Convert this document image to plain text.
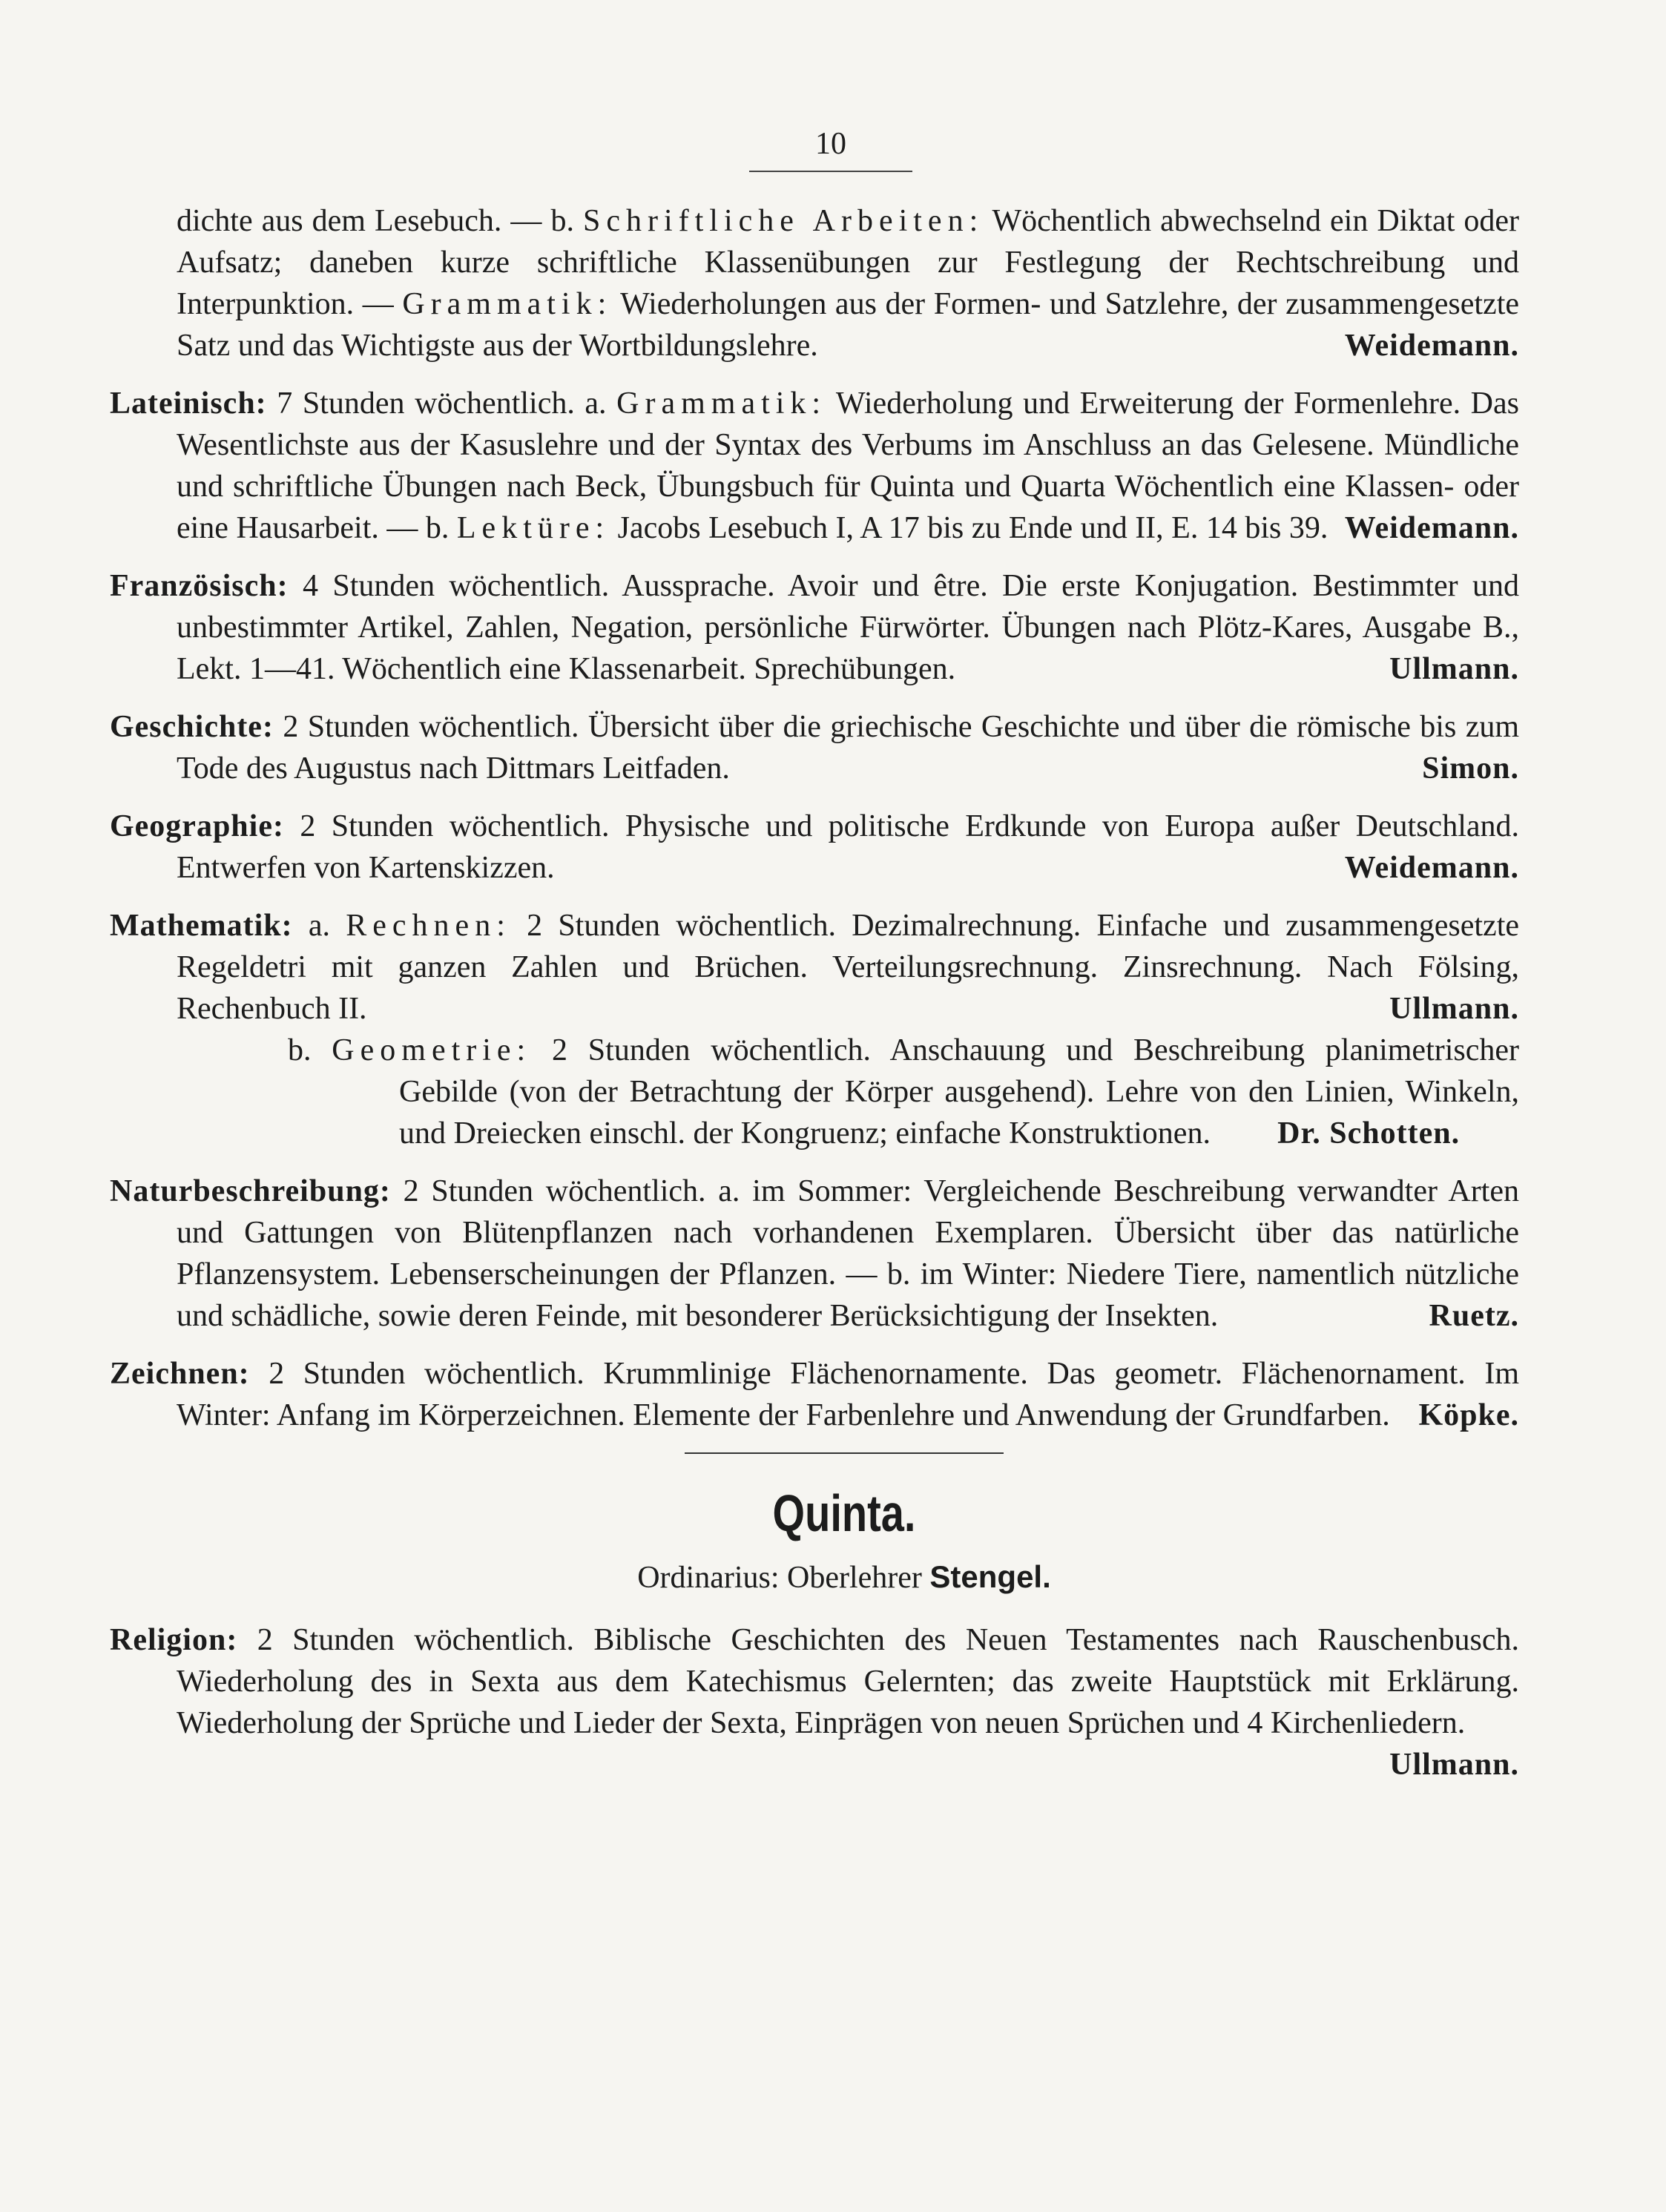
10
dichte aus dem Lesebuch. — b. Schriftliche Arbeiten: Wöchentlich abwechselnd ein Diktat oder Aufsatz; daneben kurze schriftliche Klassenübungen zur Festlegung der Rechtschreibung und Interpunktion. — Grammatik: Wiederholungen aus der Formen- und Satzlehre, der zusammengesetzte Satz und das Wichtigste aus der Wortbildungslehre.	Weidemann.
Lateinisch: 7 Stunden wöchentlich. a. Grammatik: Wiederholung und Erweiterung der Formenlehre. Das Wesentlichste aus der Kasuslehre und der Syntax des Verbums im Anschluss an das Gelesene. Mündliche und schriftliche Übungen nach Beck, Übungsbuch für Quinta und Quarta Wöchentlich eine Klassen- oder eine Hausarbeit. — b. Lektüre: Jacobs Lesebuch I, A 17 bis zu Ende und II, E. 14 bis 39. Weidemann.
Französisch: 4 Stunden wöchentlich. Aussprache. Avoir und être. Die erste Konjugation. Bestimmter und unbestimmter Artikel, Zahlen, Negation, persönliche Fürwörter. Übungen nach Plötz-Kares, Ausgabe B., Lekt. 1—41. Wöchentlich eine Klassenarbeit. Sprechübungen.	Ullmann.
Geschichte: 2 Stunden wöchentlich. Übersicht über die griechische Geschichte und über die römische bis zum Tode des Augustus nach Dittmars Leitfaden.	Simon.
Geographie: 2 Stunden wöchentlich. Physische und politische Erdkunde von Europa außer Deutschland. Entwerfen von Kartenskizzen.	Weidemann.
Mathematik: a. Rechnen: 2 Stunden wöchentlich. Dezimalrechnung. Einfache und zusammengesetzte Regeldetri mit ganzen Zahlen und Brüchen. Verteilungsrechnung. Zinsrechnung. Nach Fölsing, Rechenbuch II.	Ullmann.
b. Geometrie: 2 Stunden wöchentlich. Anschauung und Beschreibung planimetrischer Gebilde (von der Betrachtung der Körper ausgehend). Lehre von den Linien, Winkeln, und Dreiecken einschl. der Kongruenz; einfache Konstruktionen. Dr. Schotten.
Naturbeschreibung: 2 Stunden wöchentlich. a. im Sommer: Vergleichende Beschreibung verwandter Arten und Gattungen von Blütenpflanzen nach vorhandenen Exemplaren. Übersicht über das natürliche Pflanzensystem. Lebenserscheinungen der Pflanzen. — b. im Winter: Niedere Tiere, namentlich nützliche und schädliche, sowie deren Feinde, mit besonderer Berücksichtigung der Insekten.	Ruetz.
Zeichnen: 2 Stunden wöchentlich. Krummlinige Flächenornamente. Das geometr. Flächenornament. Im Winter: Anfang im Körperzeichnen. Elemente der Farbenlehre und Anwendung der Grundfarben. Köpke.
Quinta.
Ordinarius: Oberlehrer Stengel.
Religion: 2 Stunden wöchentlich. Biblische Geschichten des Neuen Testamentes nach Rauschenbusch. Wiederholung des in Sexta aus dem Katechismus Gelernten; das zweite Hauptstück mit Erklärung. Wiederholung der Sprüche und Lieder der Sexta, Einprägen von neuen Sprüchen und 4 Kirchenliedern.
Ullmann.
